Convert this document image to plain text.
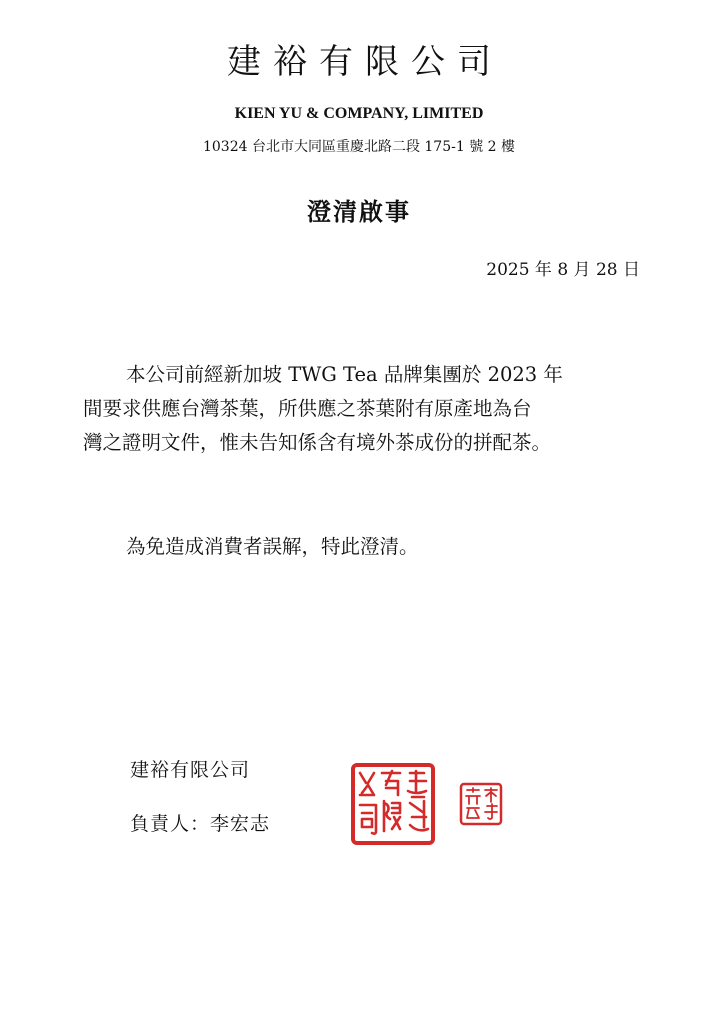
建裕有限公司
KIEN YU & COMPANY, LIMITED
10324 台北市大同區重慶北路二段 175-1 號 2 樓
澄清啟事
2025 年 8 月 28 日
本公司前經新加坡 TWG Tea 品牌集團於 2023 年
間要求供應台灣茶葉，所供應之茶葉附有原產地為台
灣之證明文件，惟未告知係含有境外茶成份的拼配茶。
為免造成消費者誤解，特此澄清。
建裕有限公司
負責人：李宏志
